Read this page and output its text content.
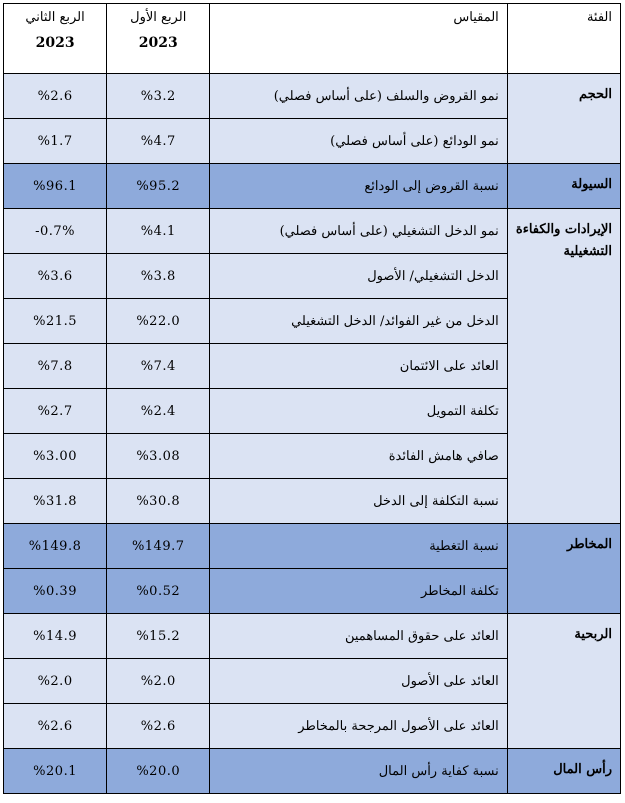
الربع الثاني
2023	الربع الأول
2023	المقياس	الفئة

%2.6	%3.2	نمو القروض والسلف (على أساس فصلي)	الحجم
%1.7	%4.7	نمو الودائع (على أساس فصلي)	
%96.1	%95.2	نسبة القروض إلى الودائع	السيولة
-0.7%	%4.1	نمو الدخل التشغيلي (على أساس فصلي)	الإيرادات والكفاءة التشغيلية
%3.6	%3.8	الدخل التشغيلي/ الأصول	
%21.5	%22.0	الدخل من غير الفوائد/ الدخل التشغيلي	
%7.8	%7.4	العائد على الائتمان	
%2.7	%2.4	تكلفة التمويل	
%3.00	%3.08	صافي هامش الفائدة	
%31.8	%30.8	نسبة التكلفة إلى الدخل	
%149.8	%149.7	نسبة التغطية	المخاطر
%0.39	%0.52	تكلفة المخاطر	
%14.9	%15.2	العائد على حقوق المساهمين	الربحية
%2.0	%2.0	العائد على الأصول	
%2.6	%2.6	العائد على الأصول المرجحة بالمخاطر	
%20.1	%20.0	نسبة كفاية رأس المال	رأس المال
